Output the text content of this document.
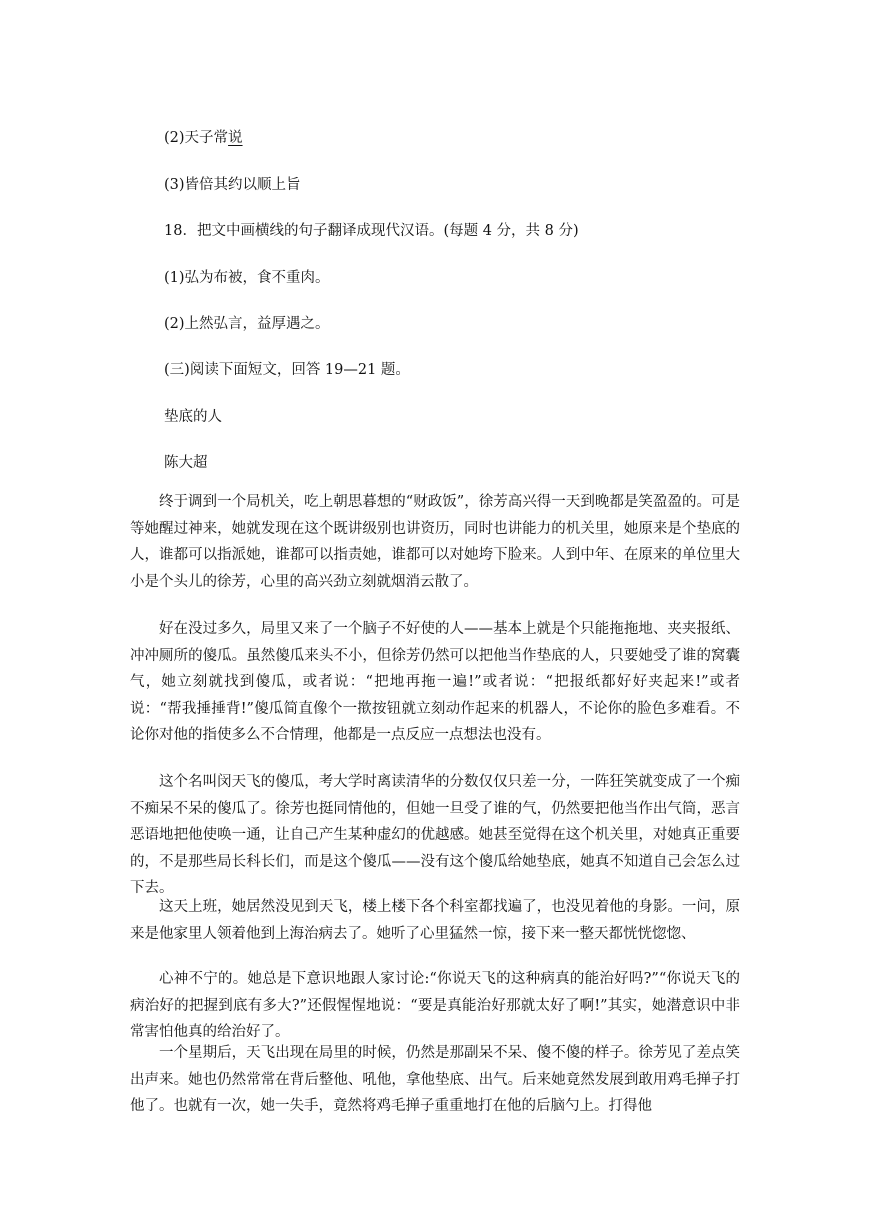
(2)天子常说
(3)皆倍其约以顺上旨
18．把文中画横线的句子翻译成现代汉语。(每题 4 分，共 8 分)
(1)弘为布被，食不重肉。
(2)上然弘言，益厚遇之。
(三)阅读下面短文，回答 19—21 题。
垫底的人
陈大超

终于调到一个局机关，吃上朝思暮想的“财政饭”，徐芳高兴得一天到晚都是笑盈盈的。可是等她醒过神来，她就发现在这个既讲级别也讲资历，同时也讲能力的机关里，她原来是个垫底的人，谁都可以指派她，谁都可以指责她，谁都可以对她垮下脸来。人到中年、在原来的单位里大小是个头儿的徐芳，心里的高兴劲立刻就烟消云散了。

好在没过多久，局里又来了一个脑子不好使的人——基本上就是个只能拖拖地、夹夹报纸、冲冲厕所的傻瓜。虽然傻瓜来头不小，但徐芳仍然可以把他当作垫底的人，只要她受了谁的窝囊气，她立刻就找到傻瓜，或者说：“把地再拖一遍!”或者说：“把报纸都好好夹起来!”或者说：“帮我捶捶背!”傻瓜简直像个一揿按钮就立刻动作起来的机器人，不论你的脸色多难看。不论你对他的指使多么不合情理，他都是一点反应一点想法也没有。

这个名叫闵天飞的傻瓜，考大学时离读清华的分数仅仅只差一分，一阵狂笑就变成了一个痴不痴呆不呆的傻瓜了。徐芳也挺同情他的，但她一旦受了谁的气，仍然要把他当作出气筒，恶言恶语地把他使唤一通，让自己产生某种虚幻的优越感。她甚至觉得在这个机关里，对她真正重要的，不是那些局长科长们，而是这个傻瓜——没有这个傻瓜给她垫底，她真不知道自己会怎么过下去。

这天上班，她居然没见到天飞，楼上楼下各个科室都找遍了，也没见着他的身影。一问，原来是他家里人领着他到上海治病去了。她听了心里猛然一惊，接下来一整天都恍恍惚惚、

心神不宁的。她总是下意识地跟人家讨论:“你说天飞的这种病真的能治好吗?”“你说天飞的病治好的把握到底有多大?”还假惺惺地说：“要是真能治好那就太好了啊!”其实，她潜意识中非常害怕他真的给治好了。

一个星期后，天飞出现在局里的时候，仍然是那副呆不呆、傻不傻的样子。徐芳见了差点笑出声来。她也仍然常常在背后整他、吼他，拿他垫底、出气。后来她竟然发展到敢用鸡毛掸子打他了。也就有一次，她一失手，竟然将鸡毛掸子重重地打在他的后脑勺上。打得他
